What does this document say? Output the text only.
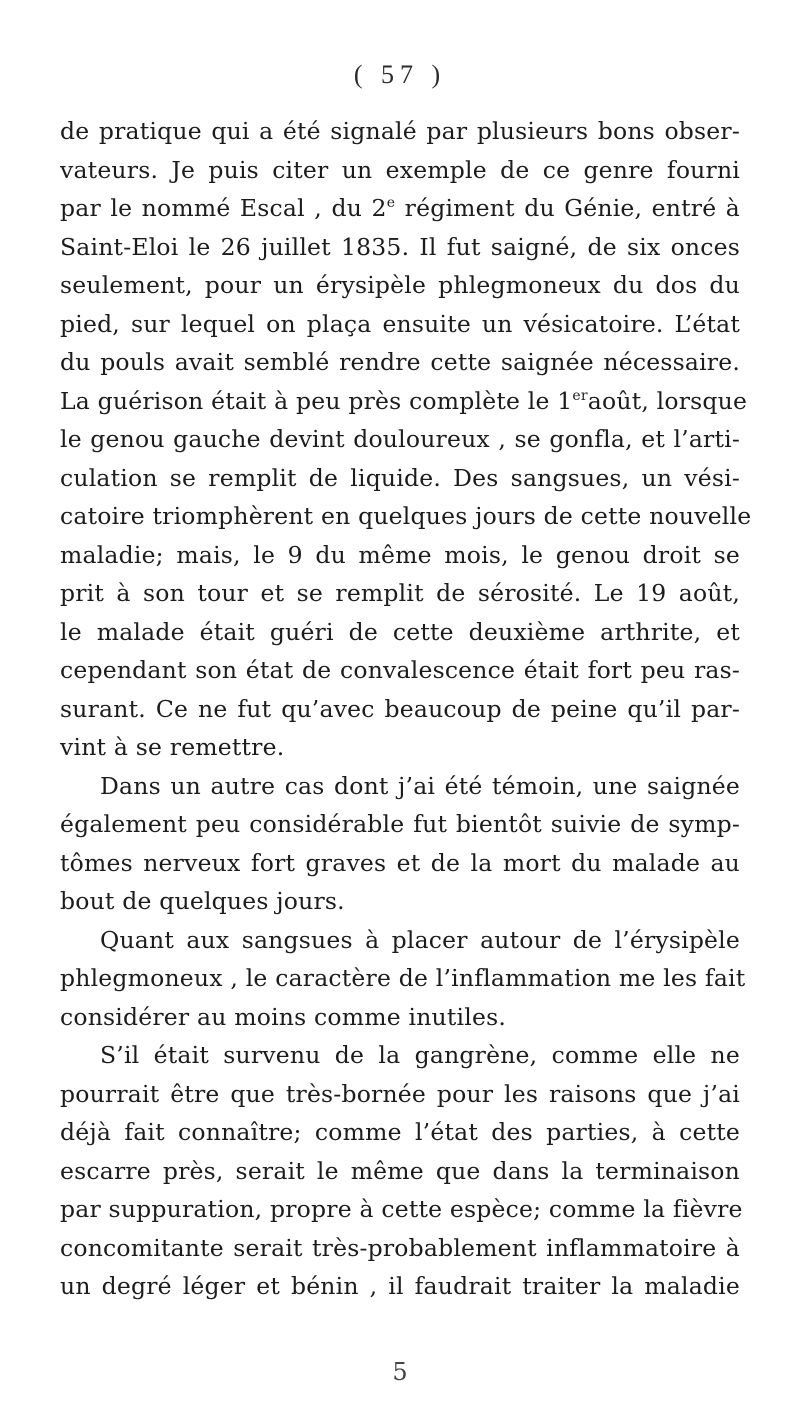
( 57 )
de pratique qui a été signalé par plusieurs bons obser-
vateurs. Je puis citer un exemple de ce genre fourni
par le nommé Escal , du 2e régiment du Génie, entré à
Saint-Eloi le 26 juillet 1835. Il fut saigné, de six onces
seulement, pour un érysipèle phlegmoneux du dos du
pied, sur lequel on plaça ensuite un vésicatoire. L’état
du pouls avait semblé rendre cette saignée nécessaire.
La guérison était à peu près complète le 1eraoût, lorsque
le genou gauche devint douloureux , se gonfla, et l’arti-
culation se remplit de liquide. Des sangsues, un vési-
catoire triomphèrent en quelques jours de cette nouvelle
maladie; mais, le 9 du même mois, le genou droit se
prit à son tour et se remplit de sérosité. Le 19 août,
le malade était guéri de cette deuxième arthrite, et
cependant son état de convalescence était fort peu ras-
surant. Ce ne fut qu’avec beaucoup de peine qu’il par-
vint à se remettre.
Dans un autre cas dont j’ai été témoin, une saignée
également peu considérable fut bientôt suivie de symp-
tômes nerveux fort graves et de la mort du malade au
bout de quelques jours.
Quant aux sangsues à placer autour de l’érysipèle
phlegmoneux , le caractère de l’inflammation me les fait
considérer au moins comme inutiles.
S’il était survenu de la gangrène, comme elle ne
pourrait être que très-bornée pour les raisons que j’ai
déjà fait connaître; comme l’état des parties, à cette
escarre près, serait le même que dans la terminaison
par suppuration, propre à cette espèce; comme la fièvre
concomitante serait très-probablement inflammatoire à
un degré léger et bénin , il faudrait traiter la maladie
5
